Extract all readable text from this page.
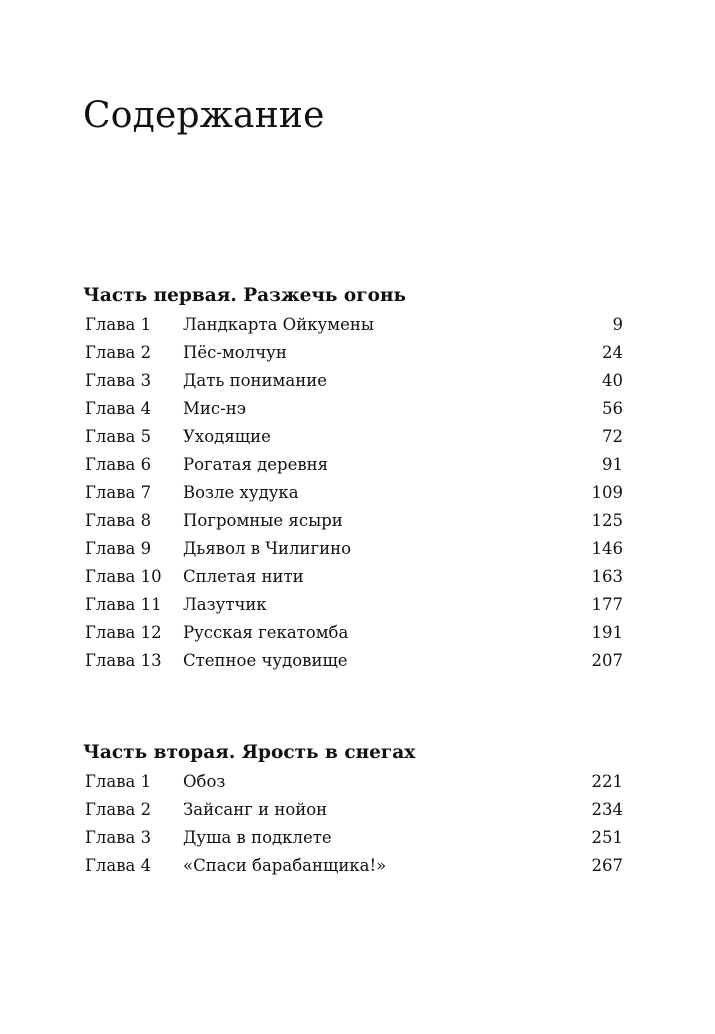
Содержание
Часть первая. Разжечь огонь
Глава 1	Ландкарта Ойкумены	9
Глава 2	Пёс-молчун	24
Глава 3	Дать понимание	40
Глава 4	Мис-нэ	56
Глава 5	Уходящие	72
Глава 6	Рогатая деревня	91
Глава 7	Возле худука	109
Глава 8	Погромные ясыри	125
Глава 9	Дьявол в Чилигино	146
Глава 10	Сплетая нити	163
Глава 11	Лазутчик	177
Глава 12	Русская гекатомба	191
Глава 13	Степное чудовище	207
Часть вторая. Ярость в снегах
Глава 1	Обоз	221
Глава 2	Зайсанг и нойон	234
Глава 3	Душа в подклете	251
Глава 4	«Спаси барабанщика!»	267
